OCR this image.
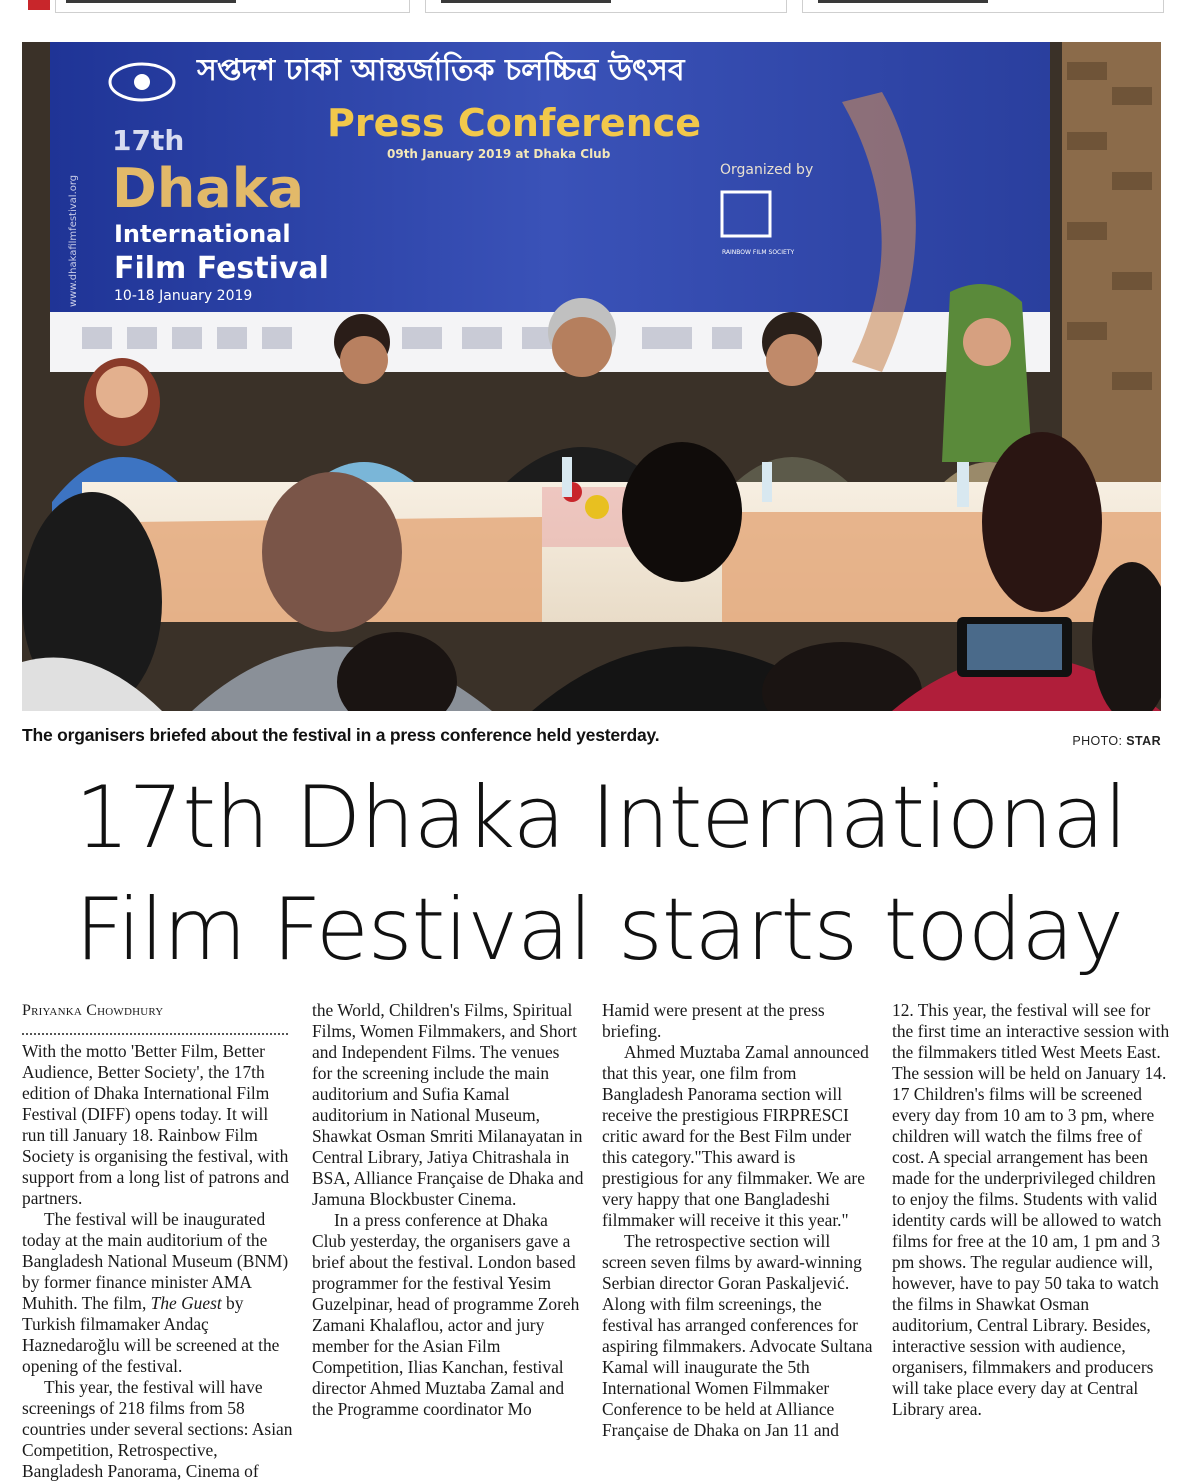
সপ্তদশ ঢাকা আন্তর্জাতিক চলচ্চিত্র উৎসব
Press Conference
09th January 2019 at Dhaka Club
17th
Dhaka
International
Film Festival
10-18 January 2019
Organized by
RAINBOW FILM SOCIETY
www.dhakafilmfestival.org
The organisers briefed about the festival in a press conference held yesterday.	PHOTO: STAR
17th Dhaka International
Film Festival starts today
Priyanka Chowdhury

With the motto 'Better Film, Better Audience, Better Society', the 17th edition of Dhaka International Film Festival (DIFF) opens today. It will run till January 18. Rainbow Film Society is organising the festival, with support from a long list of patrons and partners.

The festival will be inaugurated today at the main auditorium of the Bangladesh National Museum (BNM) by former finance minister AMA Muhith. The film, The Guest by Turkish filmamaker Andaç Haznedaroğlu will be screened at the opening of the festival.

This year, the festival will have screenings of 218 films from 58 countries under several sections: Asian Competition, Retrospective, Bangladesh Panorama, Cinema of

the World, Children's Films, Spiritual Films, Women Filmmakers, and Short and Independent Films. The venues for the screening include the main auditorium and Sufia Kamal auditorium in National Museum, Shawkat Osman Smriti Milanayatan in Central Library, Jatiya Chitrashala in BSA, Alliance Française de Dhaka and Jamuna Blockbuster Cinema.

In a press conference at Dhaka Club yesterday, the organisers gave a brief about the festival. London based programmer for the festival Yesim Guzelpinar, head of programme Zoreh Zamani Khalaflou, actor and jury member for the Asian Film Competition, Ilias Kanchan, festival director Ahmed Muztaba Zamal and the Programme coordinator Mo

Hamid were present at the press briefing.

Ahmed Muztaba Zamal announced that this year, one film from Bangladesh Panorama section will receive the prestigious FIRPRESCI critic award for the Best Film under this category."This award is prestigious for any filmmaker. We are very happy that one Bangladeshi filmmaker will receive it this year."

The retrospective section will screen seven films by award-winning Serbian director Goran Paskaljević. Along with film screenings, the festival has arranged conferences for aspiring filmmakers. Advocate Sultana Kamal will inaugurate the 5th International Women Filmmaker Conference to be held at Alliance Française de Dhaka on Jan 11 and

12. This year, the festival will see for the first time an interactive session with the filmmakers titled West Meets East. The session will be held on January 14. 17 Children's films will be screened every day from 10 am to 3 pm, where children will watch the films free of cost. A special arrangement has been made for the underprivileged children to enjoy the films. Students with valid identity cards will be allowed to watch films for free at the 10 am, 1 pm and 3 pm shows. The regular audience will, however, have to pay 50 taka to watch the films in Shawkat Osman auditorium, Central Library. Besides, interactive session with audience, organisers, filmmakers and producers will take place every day at Central Library area.
